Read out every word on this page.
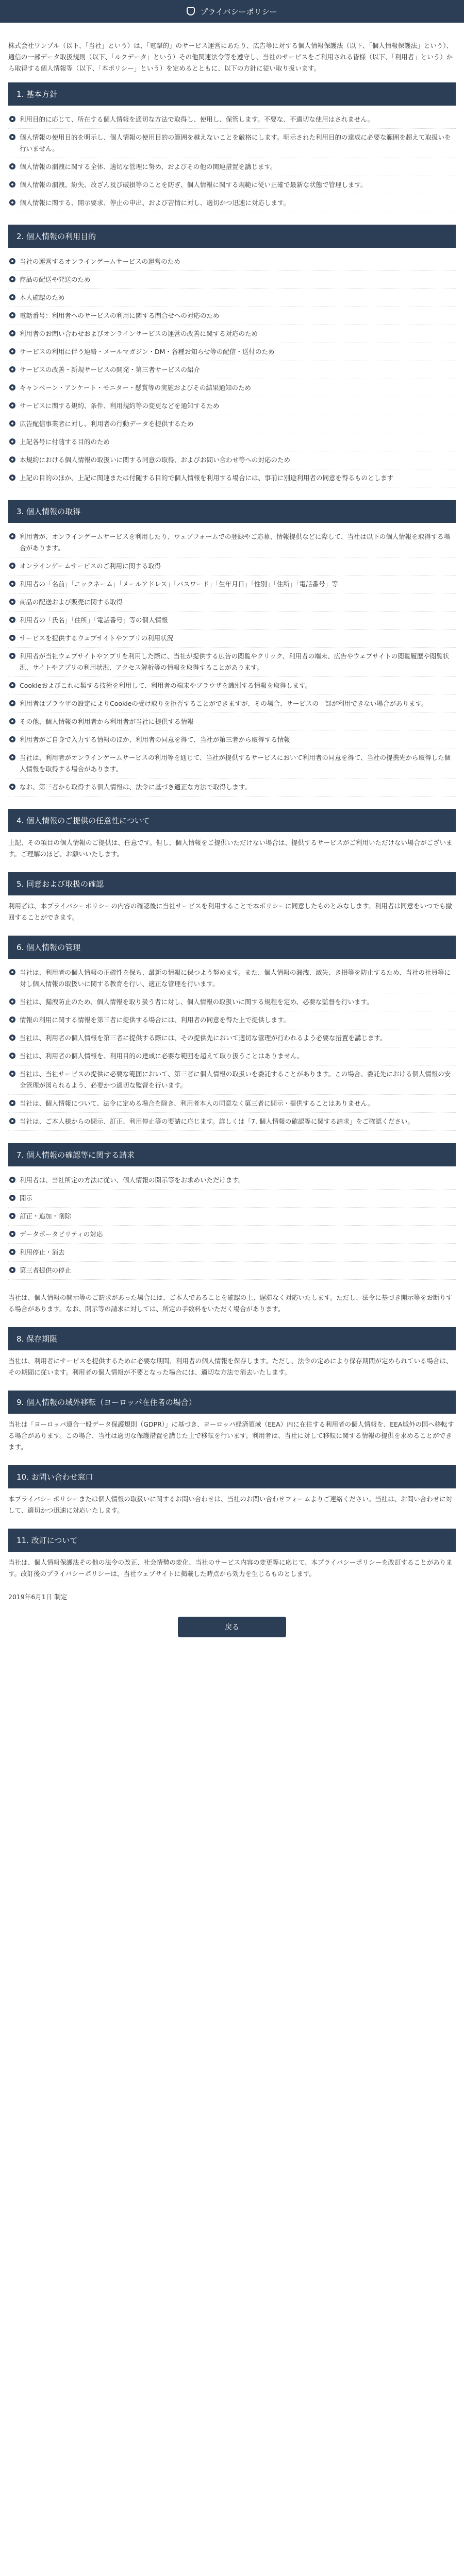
プライバシーポリシー

株式会社ワンプル（以下、「当社」という）は、「電撃的」のサービス運営にあたり、広告等に対する個人情報保護法（以下、「個人情報保護法」という）、通信の一部データ取扱規則（以下、「ルクデータ」という）その他関連法令等を遵守し、当社のサービスをご利用される皆様（以下、「利用者」という）から取得する個人情報等（以下、「本ポリシー」という）を定めるとともに、以下の方針に従い取り扱います。

1. 基本方針
利用目的に応じて、所在する個人情報を適切な方法で取得し、使用し、保管します。不要な、不適切な使用はされません。
個人情報の使用目的を明示し、個人情報の使用目的の範囲を越えないことを厳格にします。明示された利用目的の達成に必要な範囲を超えて取扱いを行いません。
個人情報の漏洩に関する全体、適切な管理に努め、およびその他の関連措置を講じます。
個人情報の漏洩、紛失、改ざん及び破損等のことを防ぎ、個人情報に関する規範に従い正確で最新な状態で管理します。
個人情報に関する、開示要求、停止の申出、および苦情に対し、適切かつ迅速に対応します。
2. 個人情報の利用目的
当社の運営するオンラインゲームサービスの運営のため
商品の配送や発送のため
本人確認のため
電話番号：利用者へのサービスの利用に関する問合せへの対応のため
利用者のお問い合わせおよびオンラインサービスの運営の改善に関する対応のため
サービスの利用に伴う連絡・メールマガジン・DM・各種お知らせ等の配信・送付のため
サービスの改善・新規サービスの開発・第三者サービスの紹介
キャンペーン・アンケート・モニター・懸賞等の実施およびその結果通知のため
サービスに関する規約、条件、利用規約等の変更などを通知するため
広告配信事業者に対し、利用者の行動データを提供するため
上記各号に付随する目的のため
本規約における個人情報の取扱いに関する同意の取得、およびお問い合わせ等への対応のため
上記の目的のほか、上記に関連または付随する目的で個人情報を利用する場合には、事前に別途利用者の同意を得るものとします
3. 個人情報の取得
利用者が、オンラインゲームサービスを利用したり、ウェブフォームでの登録やご応募、情報提供などに際して、当社は以下の個人情報を取得する場合があります。
オンラインゲームサービスのご利用に関する取得
利用者の「名前」「ニックネーム」「メールアドレス」「パスワード」「生年月日」「性別」「住所」「電話番号」等
商品の配送および販売に関する取得
利用者の「氏名」「住所」「電話番号」等の個人情報
サービスを提供するウェブサイトやアプリの利用状況
利用者が当社ウェブサイトやアプリを利用した際に、当社が提供する広告の閲覧やクリック、利用者の端末、広告やウェブサイトの閲覧履歴や閲覧状況、サイトやアプリの利用状況、アクセス解析等の情報を取得することがあります。
Cookieおよびこれに類する技術を利用して、利用者の端末やブラウザを識別する情報を取得します。
利用者はブラウザの設定によりCookieの受け取りを拒否することができますが、その場合、サービスの一部が利用できない場合があります。
その他、個人情報の利用者から利用者が当社に提供する情報
利用者がご自身で入力する情報のほか、利用者の同意を得て、当社が第三者から取得する情報
当社は、利用者がオンラインゲームサービスの利用等を通じて、当社が提供するサービスにおいて利用者の同意を得て、当社の提携先から取得した個人情報を取得する場合があります。
なお、第三者から取得する個人情報は、法令に基づき適正な方法で取得します。
4. 個人情報のご提供の任意性について

上記、その項目の個人情報のご提供は、任意です。但し、個人情報をご提供いただけない場合は、提供するサービスがご利用いただけない場合がございます。ご理解のほど、お願いいたします。

5. 同意および取扱の確認

利用者は、本プライバシーポリシーの内容の確認後に当社サービスを利用することで本ポリシーに同意したものとみなします。利用者は同意をいつでも撤回することができます。

6. 個人情報の管理
当社は、利用者の個人情報の正確性を保ち、最新の情報に保つよう努めます。また、個人情報の漏洩、滅失、き損等を防止するため、当社の社員等に対し個人情報の取扱いに関する教育を行い、適正な管理を行います。
当社は、漏洩防止のため、個人情報を取り扱う者に対し、個人情報の取扱いに関する規程を定め、必要な監督を行います。
情報の利用に関する情報を第三者に提供する場合には、利用者の同意を得た上で提供します。
当社は、利用者の個人情報を第三者に提供する際には、その提供先において適切な管理が行われるよう必要な措置を講じます。
当社は、利用者の個人情報を、利用目的の達成に必要な範囲を超えて取り扱うことはありません。
当社は、当社サービスの提供に必要な範囲において、第三者に個人情報の取扱いを委託することがあります。この場合、委託先における個人情報の安全管理が図られるよう、必要かつ適切な監督を行います。
当社は、個人情報について、法令に定める場合を除き、利用者本人の同意なく第三者に開示・提供することはありません。
当社は、ご本人様からの開示、訂正、利用停止等の要請に応じます。詳しくは「7. 個人情報の確認等に関する請求」をご確認ください。
7. 個人情報の確認等に関する請求
利用者は、当社所定の方法に従い、個人情報の開示等をお求めいただけます。
開示
訂正・追加・削除
データポータビリティの対応
利用停止・消去
第三者提供の停止

当社は、個人情報の開示等のご請求があった場合には、ご本人であることを確認の上、遅滞なく対応いたします。ただし、法令に基づき開示等をお断りする場合があります。なお、開示等の請求に対しては、所定の手数料をいただく場合があります。

8. 保存期限

当社は、利用者にサービスを提供するために必要な期間、利用者の個人情報を保存します。ただし、法令の定めにより保存期間が定められている場合は、その期間に従います。利用者の個人情報が不要となった場合には、適切な方法で消去いたします。

9. 個人情報の域外移転（ヨーロッパ在住者の場合）

当社は「ヨーロッパ連合一般データ保護規則（GDPR）」に基づき、ヨーロッパ経済領域（EEA）内に在住する利用者の個人情報を、EEA域外の国へ移転する場合があります。この場合、当社は適切な保護措置を講じた上で移転を行います。利用者は、当社に対して移転に関する情報の提供を求めることができます。

10. お問い合わせ窓口

本プライバシーポリシーまたは個人情報の取扱いに関するお問い合わせは、当社のお問い合わせフォームよりご連絡ください。当社は、お問い合わせに対して、適切かつ迅速に対応いたします。

11. 改訂について

当社は、個人情報保護法その他の法令の改正、社会情勢の変化、当社のサービス内容の変更等に応じて、本プライバシーポリシーを改訂することがあります。改訂後のプライバシーポリシーは、当社ウェブサイトに掲載した時点から効力を生じるものとします。

2019年6月1日 制定

戻る
